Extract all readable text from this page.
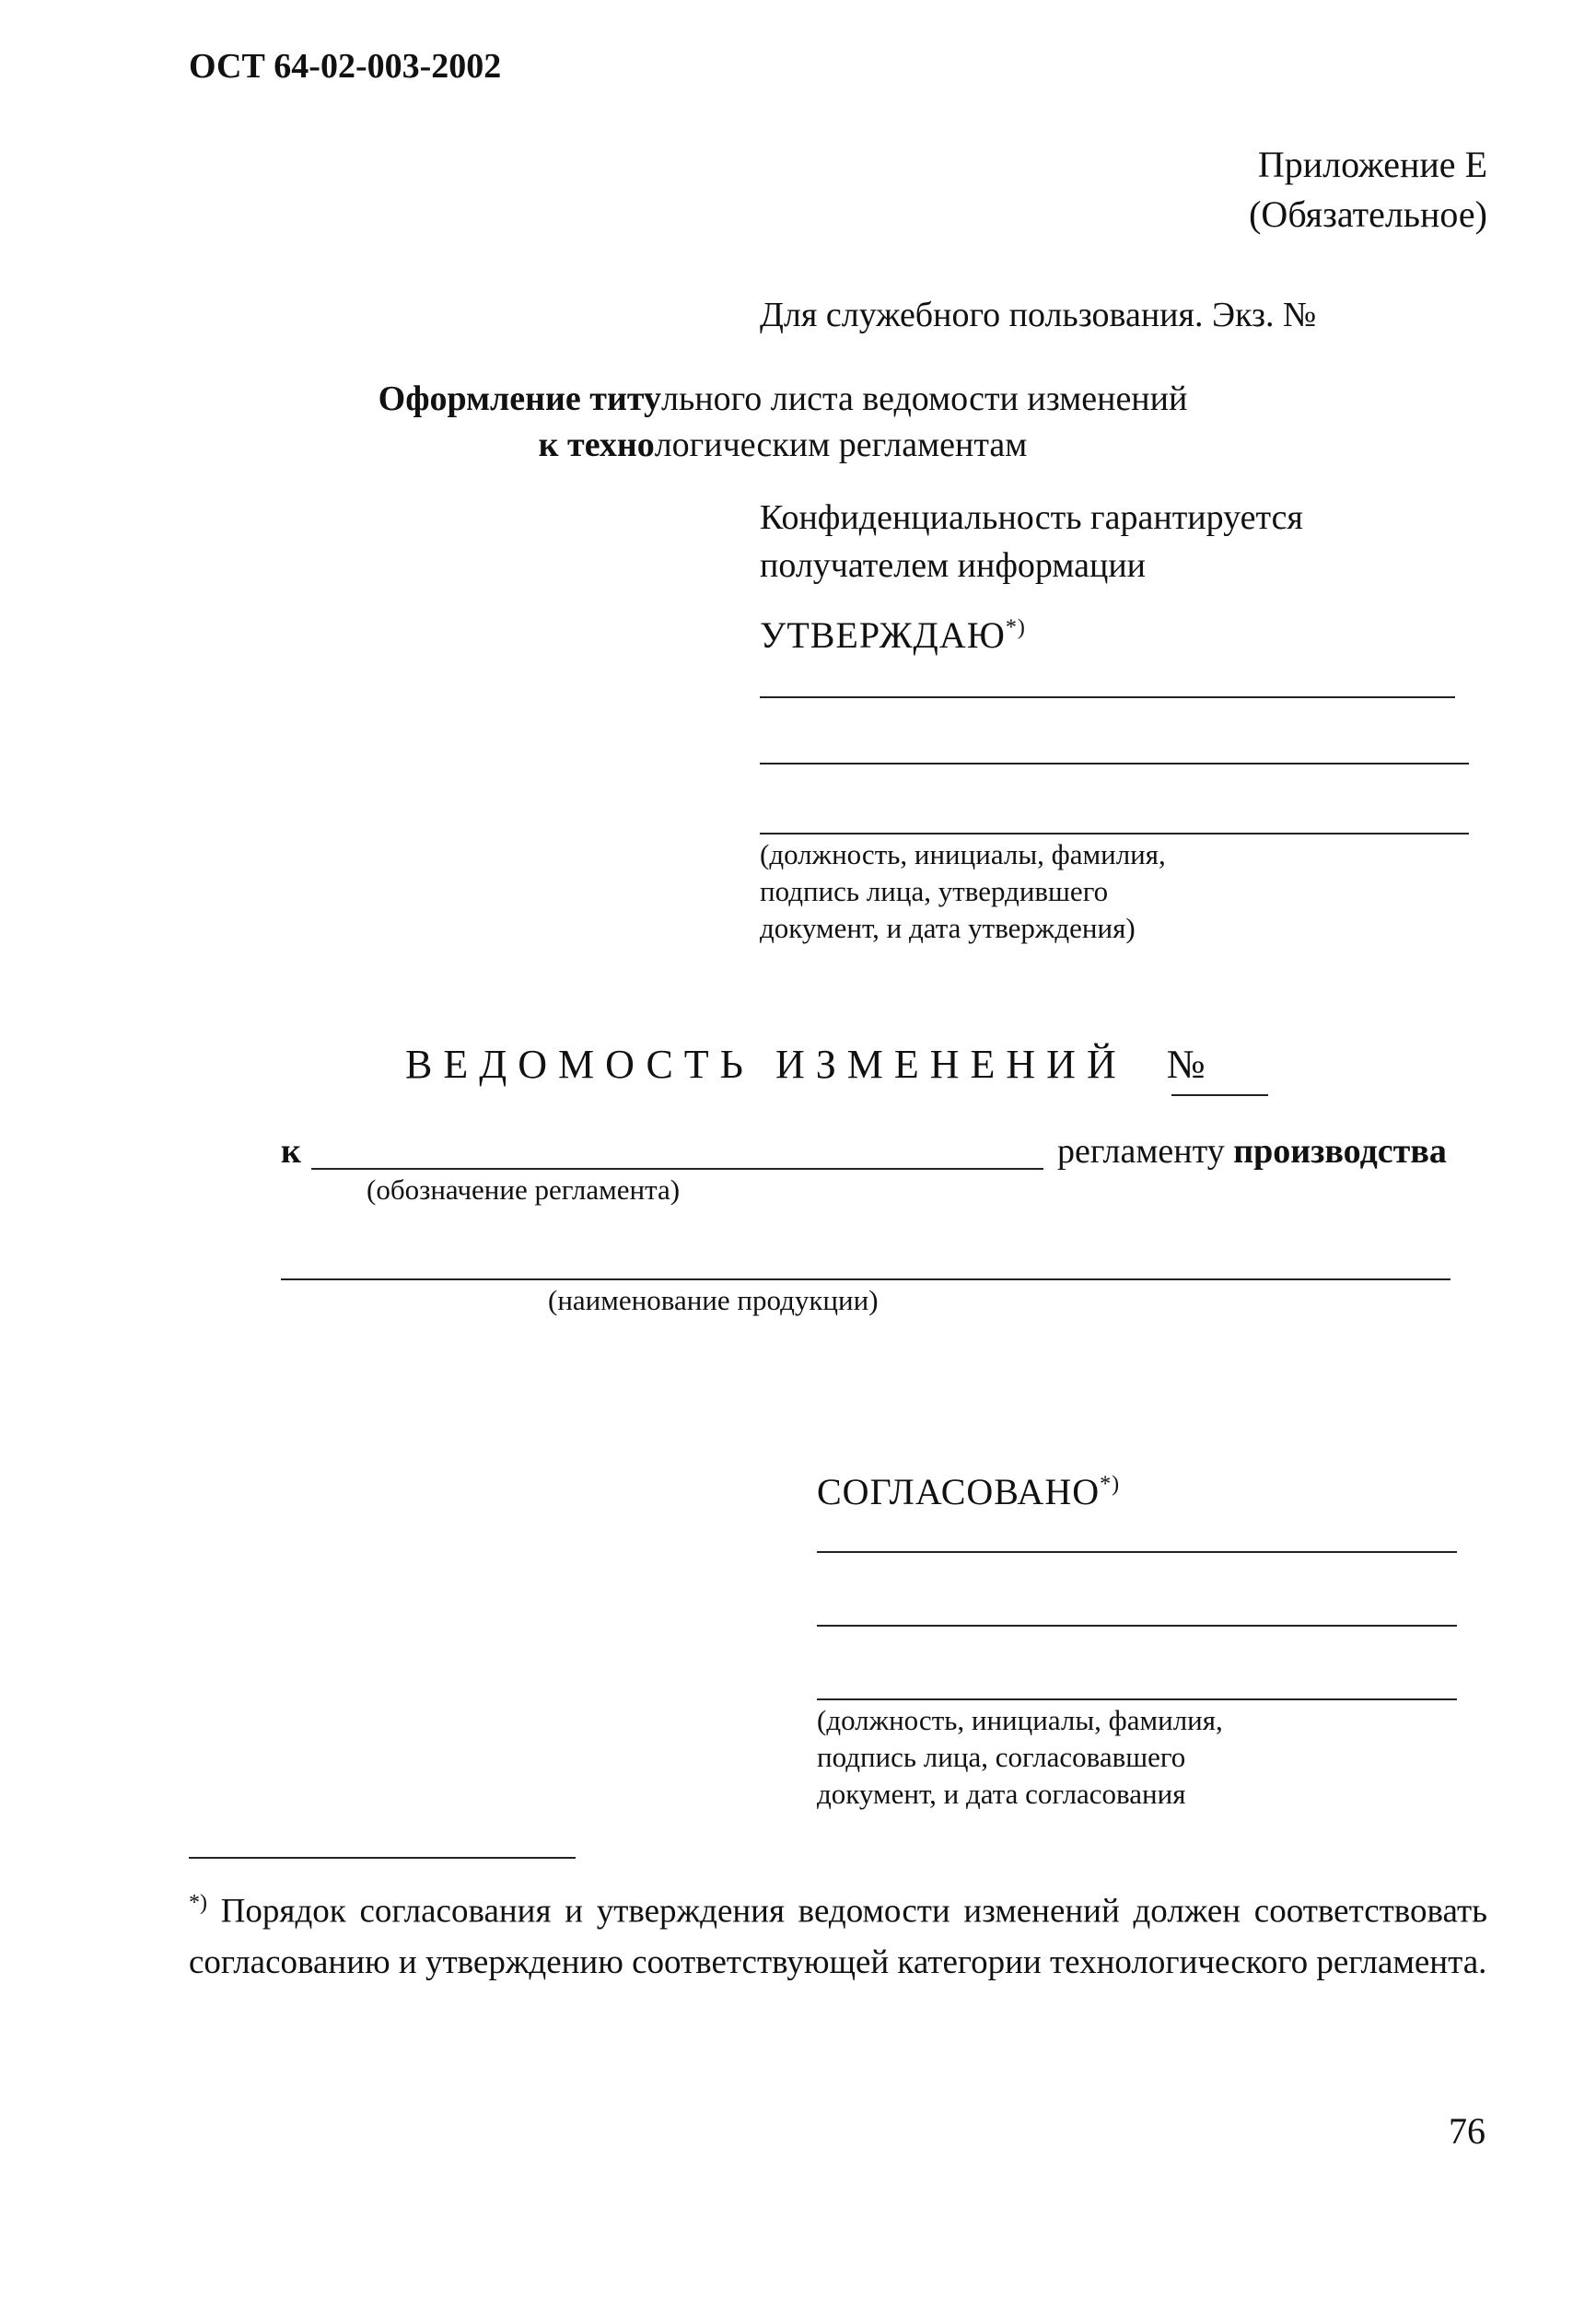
ОСТ 64-02-003-2002
Приложение Е
(Обязательное)
Для служебного пользования. Экз. №
Оформление титульного листа ведомости изменений
к технологическим регламентам
Конфиденциальность гарантируется
получателем информации
УТВЕРЖДАЮ*)
(должность, инициалы, фамилия,
подпись лица, утвердившего
документ, и дата утверждения)
ВЕДОМОСТЬ ИЗМЕНЕНИЙ №
к	регламенту производства
(обозначение регламента)
(наименование продукции)
СОГЛАСОВАНО*)
(должность, инициалы, фамилия,
подпись лица, согласовавшего
документ, и дата согласования
*) Порядок согласования и утверждения ведомости изменений должен соответствовать согласованию и утверждению соответствующей категории технологического регламента.
76
